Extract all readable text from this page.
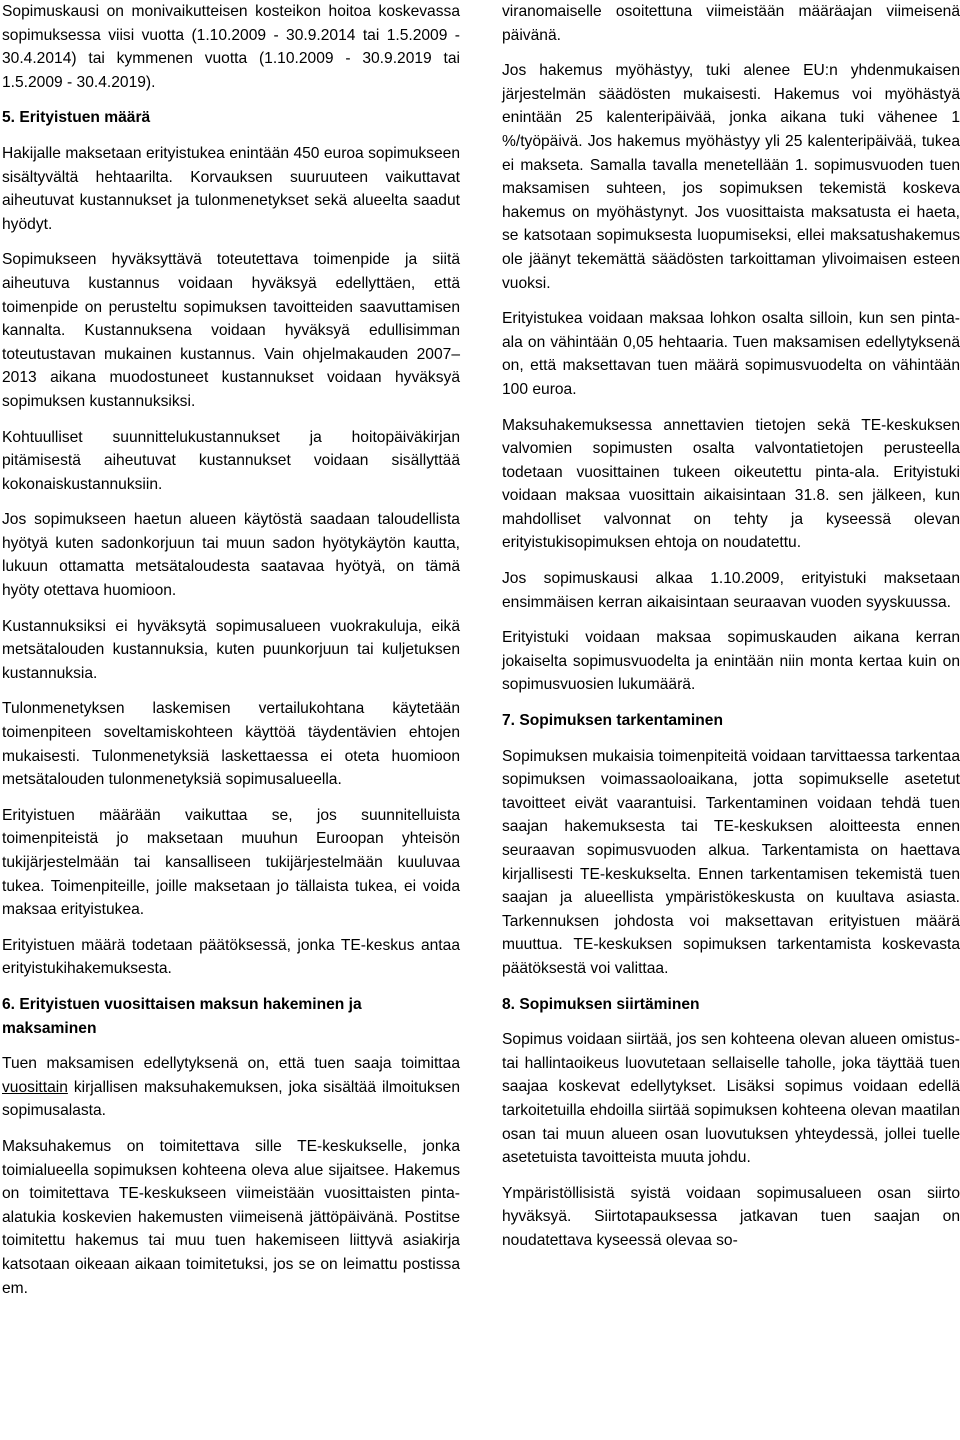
Sopimuskausi on monivaikutteisen kosteikon hoitoa koskevassa sopimuksessa viisi vuotta (1.10.2009 - 30.9.2014 tai 1.5.2009 - 30.4.2014) tai kymmenen vuotta (1.10.2009 - 30.9.2019 tai 1.5.2009 - 30.4.2019).

5. Erityistuen määrä

Hakijalle maksetaan erityistukea enintään 450 euroa sopimukseen sisältyvältä hehtaarilta. Korvauksen suuruuteen vaikuttavat aiheutuvat kustannukset ja tulonmenetykset sekä alueelta saadut hyödyt.

Sopimukseen hyväksyttävä toteutettava toimenpide ja siitä aiheutuva kustannus voidaan hyväksyä edellyttäen, että toimenpide on perusteltu sopimuksen tavoitteiden saavuttamisen kannalta. Kustannuksena voidaan hyväksyä edullisimman toteutustavan mukainen kustannus. Vain ohjelmakauden 2007–2013 aikana muodostuneet kustannukset voidaan hyväksyä sopimuksen kustannuksiksi.

Kohtuulliset suunnittelukustannukset ja hoitopäiväkirjan pitämisestä aiheutuvat kustannukset voidaan sisällyttää kokonaiskustannuksiin.

Jos sopimukseen haetun alueen käytöstä saadaan taloudellista hyötyä kuten sadonkorjuun tai muun sadon hyötykäytön kautta, lukuun ottamatta metsätaloudesta saatavaa hyötyä, on tämä hyöty otettava huomioon.

Kustannuksiksi ei hyväksytä sopimusalueen vuokrakuluja, eikä metsätalouden kustannuksia, kuten puunkorjuun tai kuljetuksen kustannuksia.

Tulonmenetyksen laskemisen vertailukohtana käytetään toimenpiteen soveltamiskohteen käyttöä täydentävien ehtojen mukaisesti. Tulonmenetyksiä laskettaessa ei oteta huomioon metsätalouden tulonmenetyksiä sopimusalueella.

Erityistuen määrään vaikuttaa se, jos suunnitelluista toimenpiteistä jo maksetaan muuhun Euroopan yhteisön tukijärjestelmään tai kansalliseen tukijärjestelmään kuuluvaa tukea. Toimenpiteille, joille maksetaan jo tällaista tukea, ei voida maksaa erityistukea.

Erityistuen määrä todetaan päätöksessä, jonka TE-keskus antaa erityistukihakemuksesta.

6. Erityistuen vuosittaisen maksun hakeminen ja maksaminen

Tuen maksamisen edellytyksenä on, että tuen saaja toimittaa vuosittain kirjallisen maksuhakemuksen, joka sisältää ilmoituksen sopimusalasta.

Maksuhakemus on toimitettava sille TE-keskukselle, jonka toimialueella sopimuksen kohteena oleva alue sijaitsee. Hakemus on toimitettava TE-keskukseen viimeistään vuosittaisten pinta-alatukia koskevien hakemusten viimeisenä jättöpäivänä. Postitse toimitettu hakemus tai muu tuen hakemiseen liittyvä asiakirja katsotaan oikeaan aikaan toimitetuksi, jos se on leimattu postissa em.

viranomaiselle osoitettuna viimeistään määräajan viimeisenä päivänä.

Jos hakemus myöhästyy, tuki alenee EU:n yhdenmukaisen järjestelmän säädösten mukaisesti. Hakemus voi myöhästyä enintään 25 kalenteripäivää, jonka aikana tuki vähenee 1 %/työpäivä. Jos hakemus myöhästyy yli 25 kalenteripäivää, tukea ei makseta. Samalla tavalla menetellään 1. sopimusvuoden tuen maksamisen suhteen, jos sopimuksen tekemistä koskeva hakemus on myöhästynyt. Jos vuosittaista maksatusta ei haeta, se katsotaan sopimuksesta luopumiseksi, ellei maksatushakemus ole jäänyt tekemättä säädösten tarkoittaman ylivoimaisen esteen vuoksi.

Erityistukea voidaan maksaa lohkon osalta silloin, kun sen pinta-ala on vähintään 0,05 hehtaaria. Tuen maksamisen edellytyksenä on, että maksettavan tuen määrä sopimusvuodelta on vähintään 100 euroa.

Maksuhakemuksessa annettavien tietojen sekä TE-keskuksen valvomien sopimusten osalta valvontatietojen perusteella todetaan vuosittainen tukeen oikeutettu pinta-ala. Erityistuki voidaan maksaa vuosittain aikaisintaan 31.8. sen jälkeen, kun mahdolliset valvonnat on tehty ja kyseessä olevan erityistukisopimuksen ehtoja on noudatettu.

Jos sopimuskausi alkaa 1.10.2009, erityistuki maksetaan ensimmäisen kerran aikaisintaan seuraavan vuoden syyskuussa.

Erityistuki voidaan maksaa sopimuskauden aikana kerran jokaiselta sopimusvuodelta ja enintään niin monta kertaa kuin on sopimusvuosien lukumäärä.

7. Sopimuksen tarkentaminen

Sopimuksen mukaisia toimenpiteitä voidaan tarvittaessa tarkentaa sopimuksen voimassaoloaikana, jotta sopimukselle asetetut tavoitteet eivät vaarantuisi. Tarkentaminen voidaan tehdä tuen saajan hakemuksesta tai TE-keskuksen aloitteesta ennen seuraavan sopimusvuoden alkua. Tarkentamista on haettava kirjallisesti TE-keskukselta. Ennen tarkentamisen tekemistä tuen saajan ja alueellista ympäristökeskusta on kuultava asiasta. Tarkennuksen johdosta voi maksettavan erityistuen määrä muuttua. TE-keskuksen sopimuksen tarkentamista koskevasta päätöksestä voi valittaa.

8. Sopimuksen siirtäminen

Sopimus voidaan siirtää, jos sen kohteena olevan alueen omistus- tai hallintaoikeus luovutetaan sellaiselle taholle, joka täyttää tuen saajaa koskevat edellytykset. Lisäksi sopimus voidaan edellä tarkoitetuilla ehdoilla siirtää sopimuksen kohteena olevan maatilan osan tai muun alueen osan luovutuksen yhteydessä, jollei tuelle asetetuista tavoitteista muuta johdu.

Ympäristöllisistä syistä voidaan sopimusalueen osan siirto hyväksyä. Siirtotapauksessa jatkavan tuen saajan on noudatettava kyseessä olevaa so-
